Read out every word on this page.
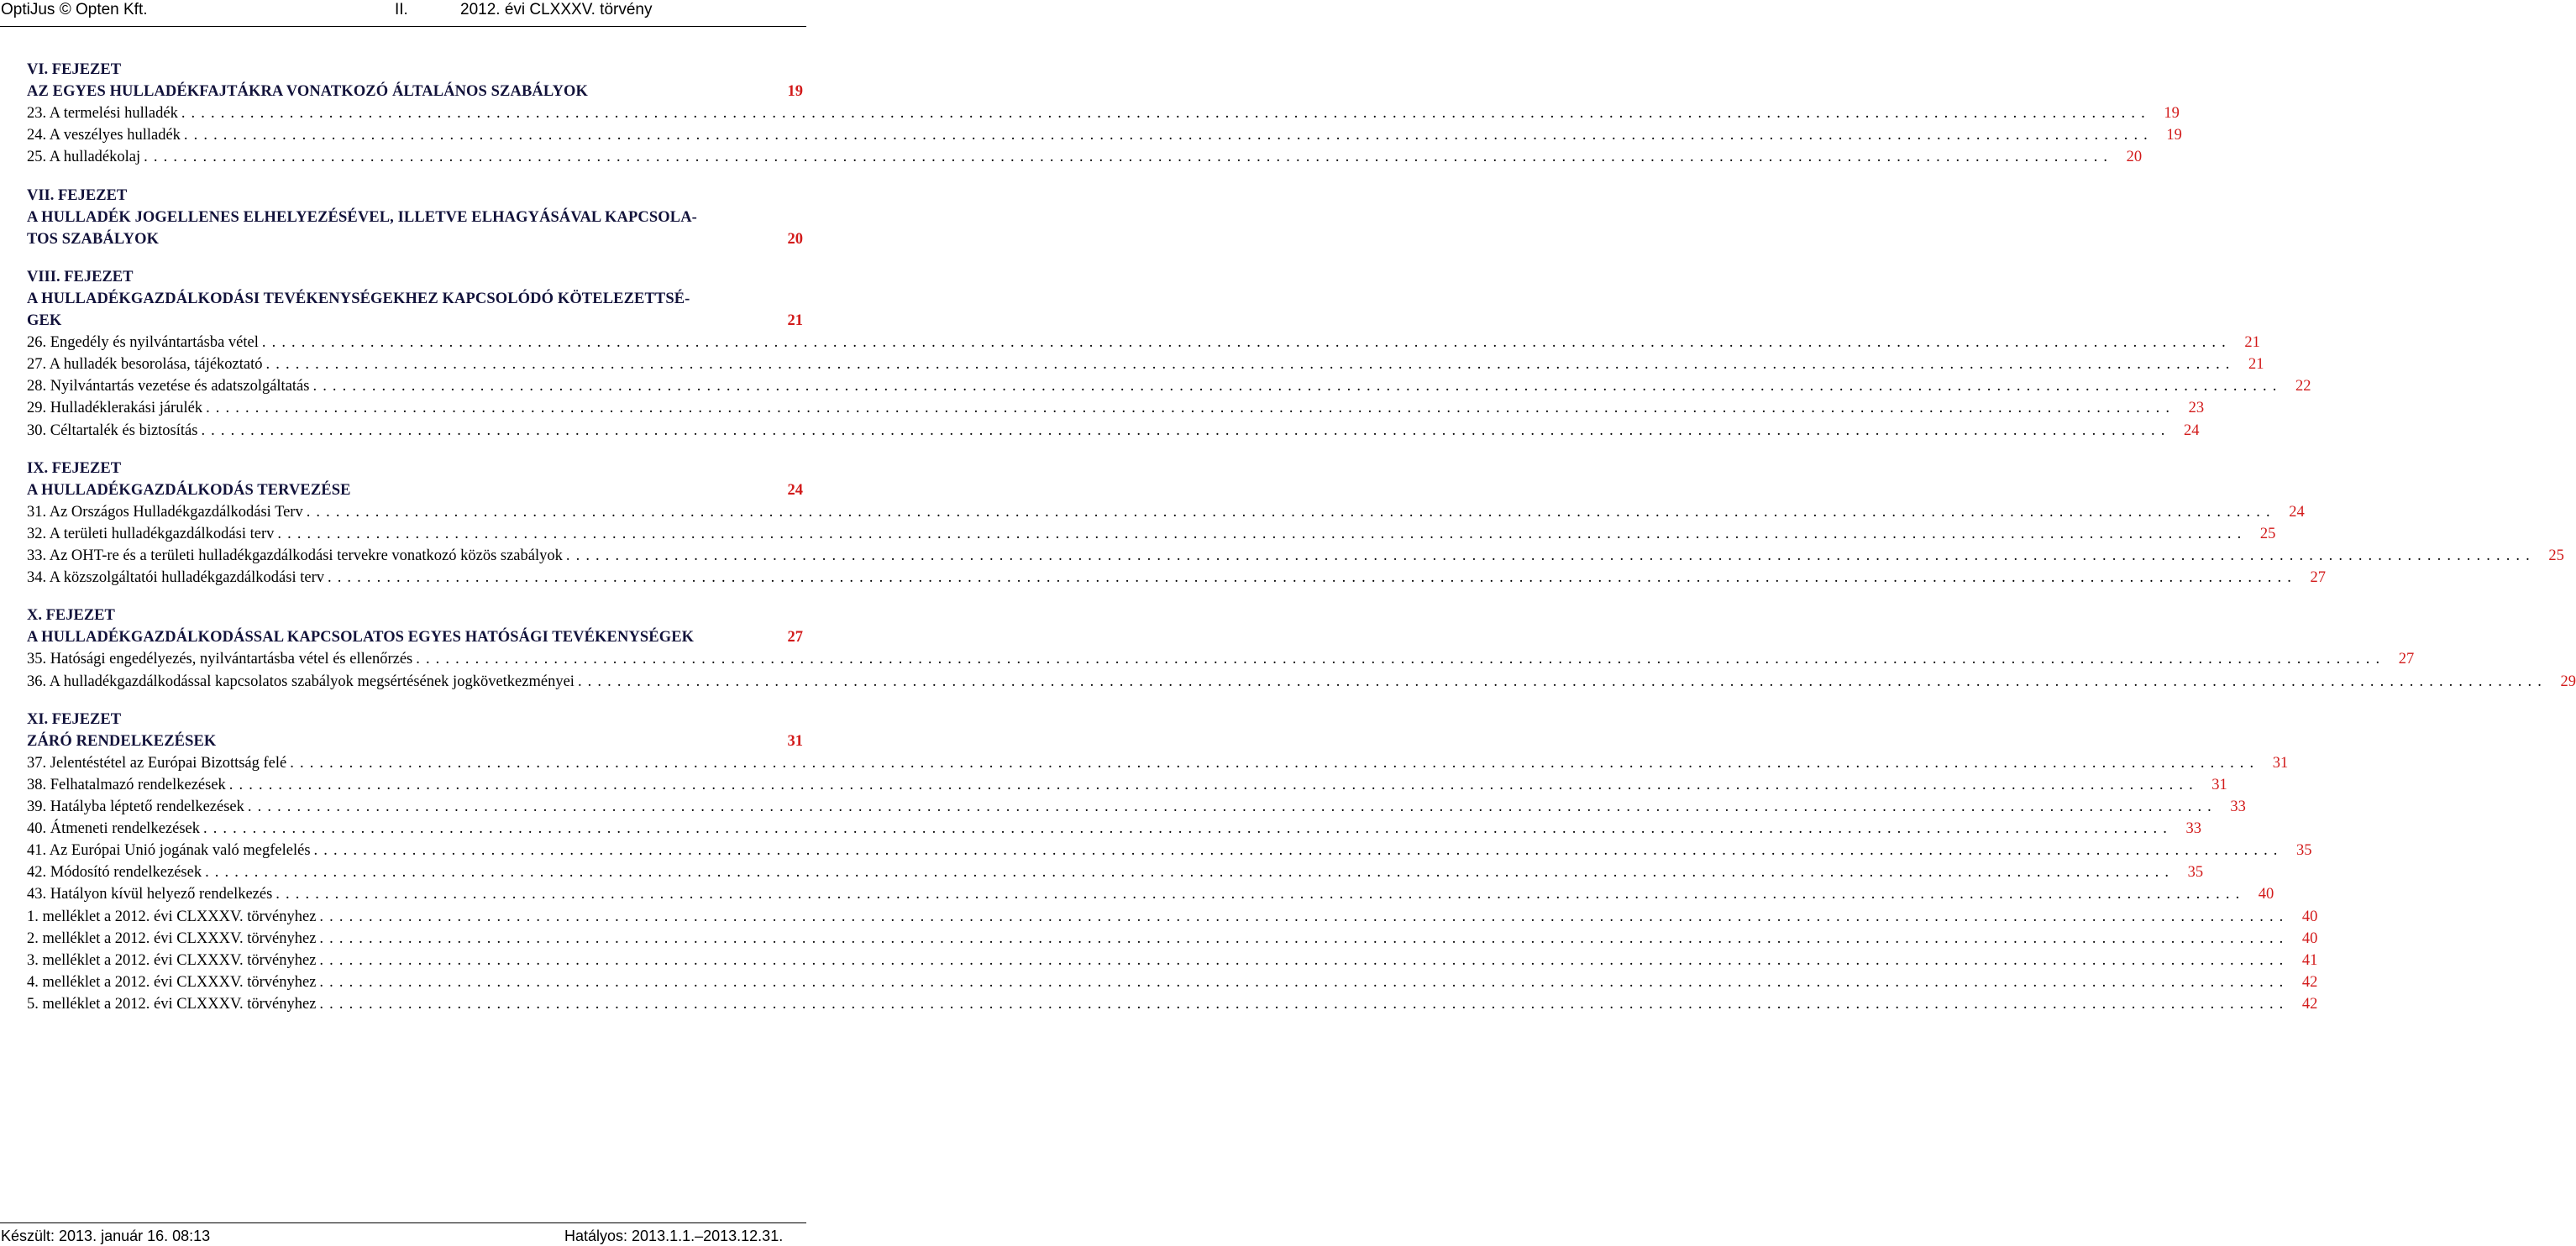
OptiJus © Opten Kft.	II.	2012. évi CLXXXV. törvény
VI. FEJEZET
AZ EGYES HULLADÉKFAJTÁKRA VONATKOZÓ ÁLTALÁNOS SZABÁLYOK	19
23. A termelési hulladék ........................................................................................................................................................................................................ 19
24. A veszélyes hulladék ........................................................................................................................................................................................................ 19
25. A hulladékolaj ........................................................................................................................................................................................................ 20
VII. FEJEZET
A HULLADÉK JOGELLENES ELHELYEZÉSÉVEL, ILLETVE ELHAGYÁSÁVAL KAPCSOLA-
TOS SZABÁLYOK	20
VIII. FEJEZET
A HULLADÉKGAZDÁLKODÁSI TEVÉKENYSÉGEKHEZ KAPCSOLÓDÓ KÖTELEZETTSÉ-
GEK	21
26. Engedély és nyilvántartásba vétel ........................................................................................................................................................................................................ 21
27. A hulladék besorolása, tájékoztató ........................................................................................................................................................................................................ 21
28. Nyilvántartás vezetése és adatszolgáltatás ........................................................................................................................................................................................................ 22
29. Hulladéklerakási járulék ........................................................................................................................................................................................................ 23
30. Céltartalék és biztosítás ........................................................................................................................................................................................................ 24
IX. FEJEZET
A HULLADÉKGAZDÁLKODÁS TERVEZÉSE	24
31. Az Országos Hulladékgazdálkodási Terv ........................................................................................................................................................................................................ 24
32. A területi hulladékgazdálkodási terv ........................................................................................................................................................................................................ 25
33. Az OHT-re és a területi hulladékgazdálkodási tervekre vonatkozó közös szabályok ........................................................................................................................................................................................................ 25
34. A közszolgáltatói hulladékgazdálkodási terv ........................................................................................................................................................................................................ 27
X. FEJEZET
A HULLADÉKGAZDÁLKODÁSSAL KAPCSOLATOS EGYES HATÓSÁGI TEVÉKENYSÉGEK	27
35. Hatósági engedélyezés, nyilvántartásba vétel és ellenőrzés ........................................................................................................................................................................................................ 27
36. A hulladékgazdálkodással kapcsolatos szabályok megsértésének jogkövetkezményei ........................................................................................................................................................................................................ 29
XI. FEJEZET
ZÁRÓ RENDELKEZÉSEK	31
37. Jelentéstétel az Európai Bizottság felé ........................................................................................................................................................................................................ 31
38. Felhatalmazó rendelkezések ........................................................................................................................................................................................................ 31
39. Hatályba léptető rendelkezések ........................................................................................................................................................................................................ 33
40. Átmeneti rendelkezések ........................................................................................................................................................................................................ 33
41. Az Európai Unió jogának való megfelelés ........................................................................................................................................................................................................ 35
42. Módosító rendelkezések ........................................................................................................................................................................................................ 35
43. Hatályon kívül helyező rendelkezés ........................................................................................................................................................................................................ 40
1. melléklet a 2012. évi CLXXXV. törvényhez ........................................................................................................................................................................................................ 40
2. melléklet a 2012. évi CLXXXV. törvényhez ........................................................................................................................................................................................................ 40
3. melléklet a 2012. évi CLXXXV. törvényhez ........................................................................................................................................................................................................ 41
4. melléklet a 2012. évi CLXXXV. törvényhez ........................................................................................................................................................................................................ 42
5. melléklet a 2012. évi CLXXXV. törvényhez ........................................................................................................................................................................................................ 42
Készült: 2013. január 16. 08:13	Hatályos: 2013.1.1.–2013.12.31.
